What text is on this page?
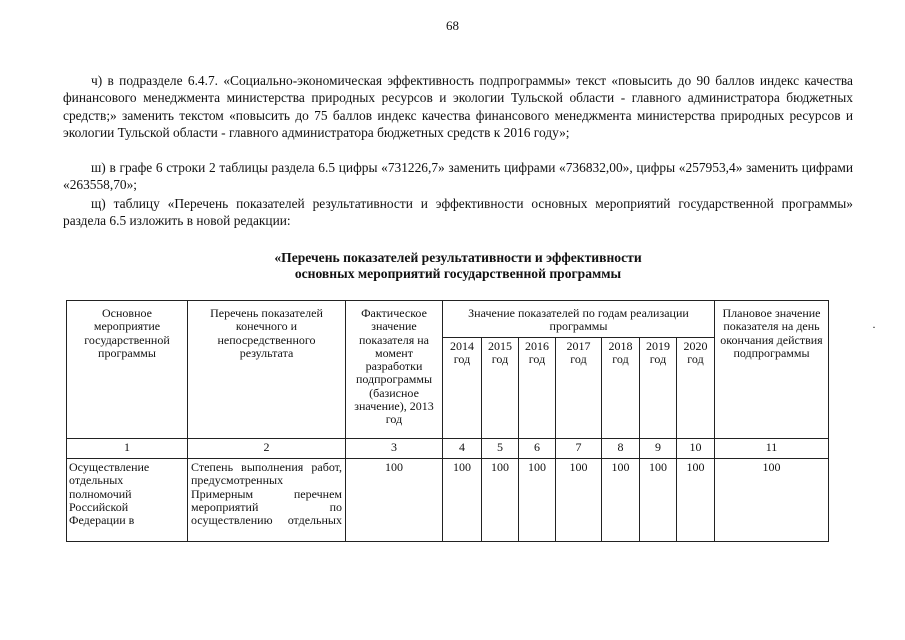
68

ч) в подразделе 6.4.7. «Социально-экономическая эффективность подпрограммы» текст «повысить до 90 баллов индекс качества финансового менеджмента министерства природных ресурсов и экологии Тульской области - главного администратора бюджетных средств;» заменить текстом «повысить до 75 баллов индекс качества финансового менеджмента министерства природных ресурсов и экологии Тульской области - главного администратора бюджетных средств к 2016 году»;

ш) в графе 6 строки 2 таблицы раздела 6.5 цифры «731226,7» заменить цифрами «736832,00», цифры «257953,4» заменить цифрами «263558,70»;

щ) таблицу «Перечень показателей результативности и эффективности основных мероприятий государственной программы» раздела 6.5 изложить в новой редакции:

«Перечень показателей результативности и эффективности
основных мероприятий государственной программы
Основное мероприятие государственной программы	Перечень показателей конечного и непосредственного результата	Фактическое значение показателя на момент разработки подпрограммы (базисное значение), 2013 год	Значение показателей по годам реализации программы							Плановое значение показателя на день окончания действия подпрограммы
			2014 год	2015 год	2016 год	2017 год	2018 год	2019 год	2020 год	
1	2	3	4	5	6	7	8	9	10	11
Осуществление отдельных полномочий Российской Федерации в	Степень выполнения работ, предусмотренных Примерным перечнем мероприятий по осуществлению отдельных	100	100	100	100	100	100	100	100	100
·
